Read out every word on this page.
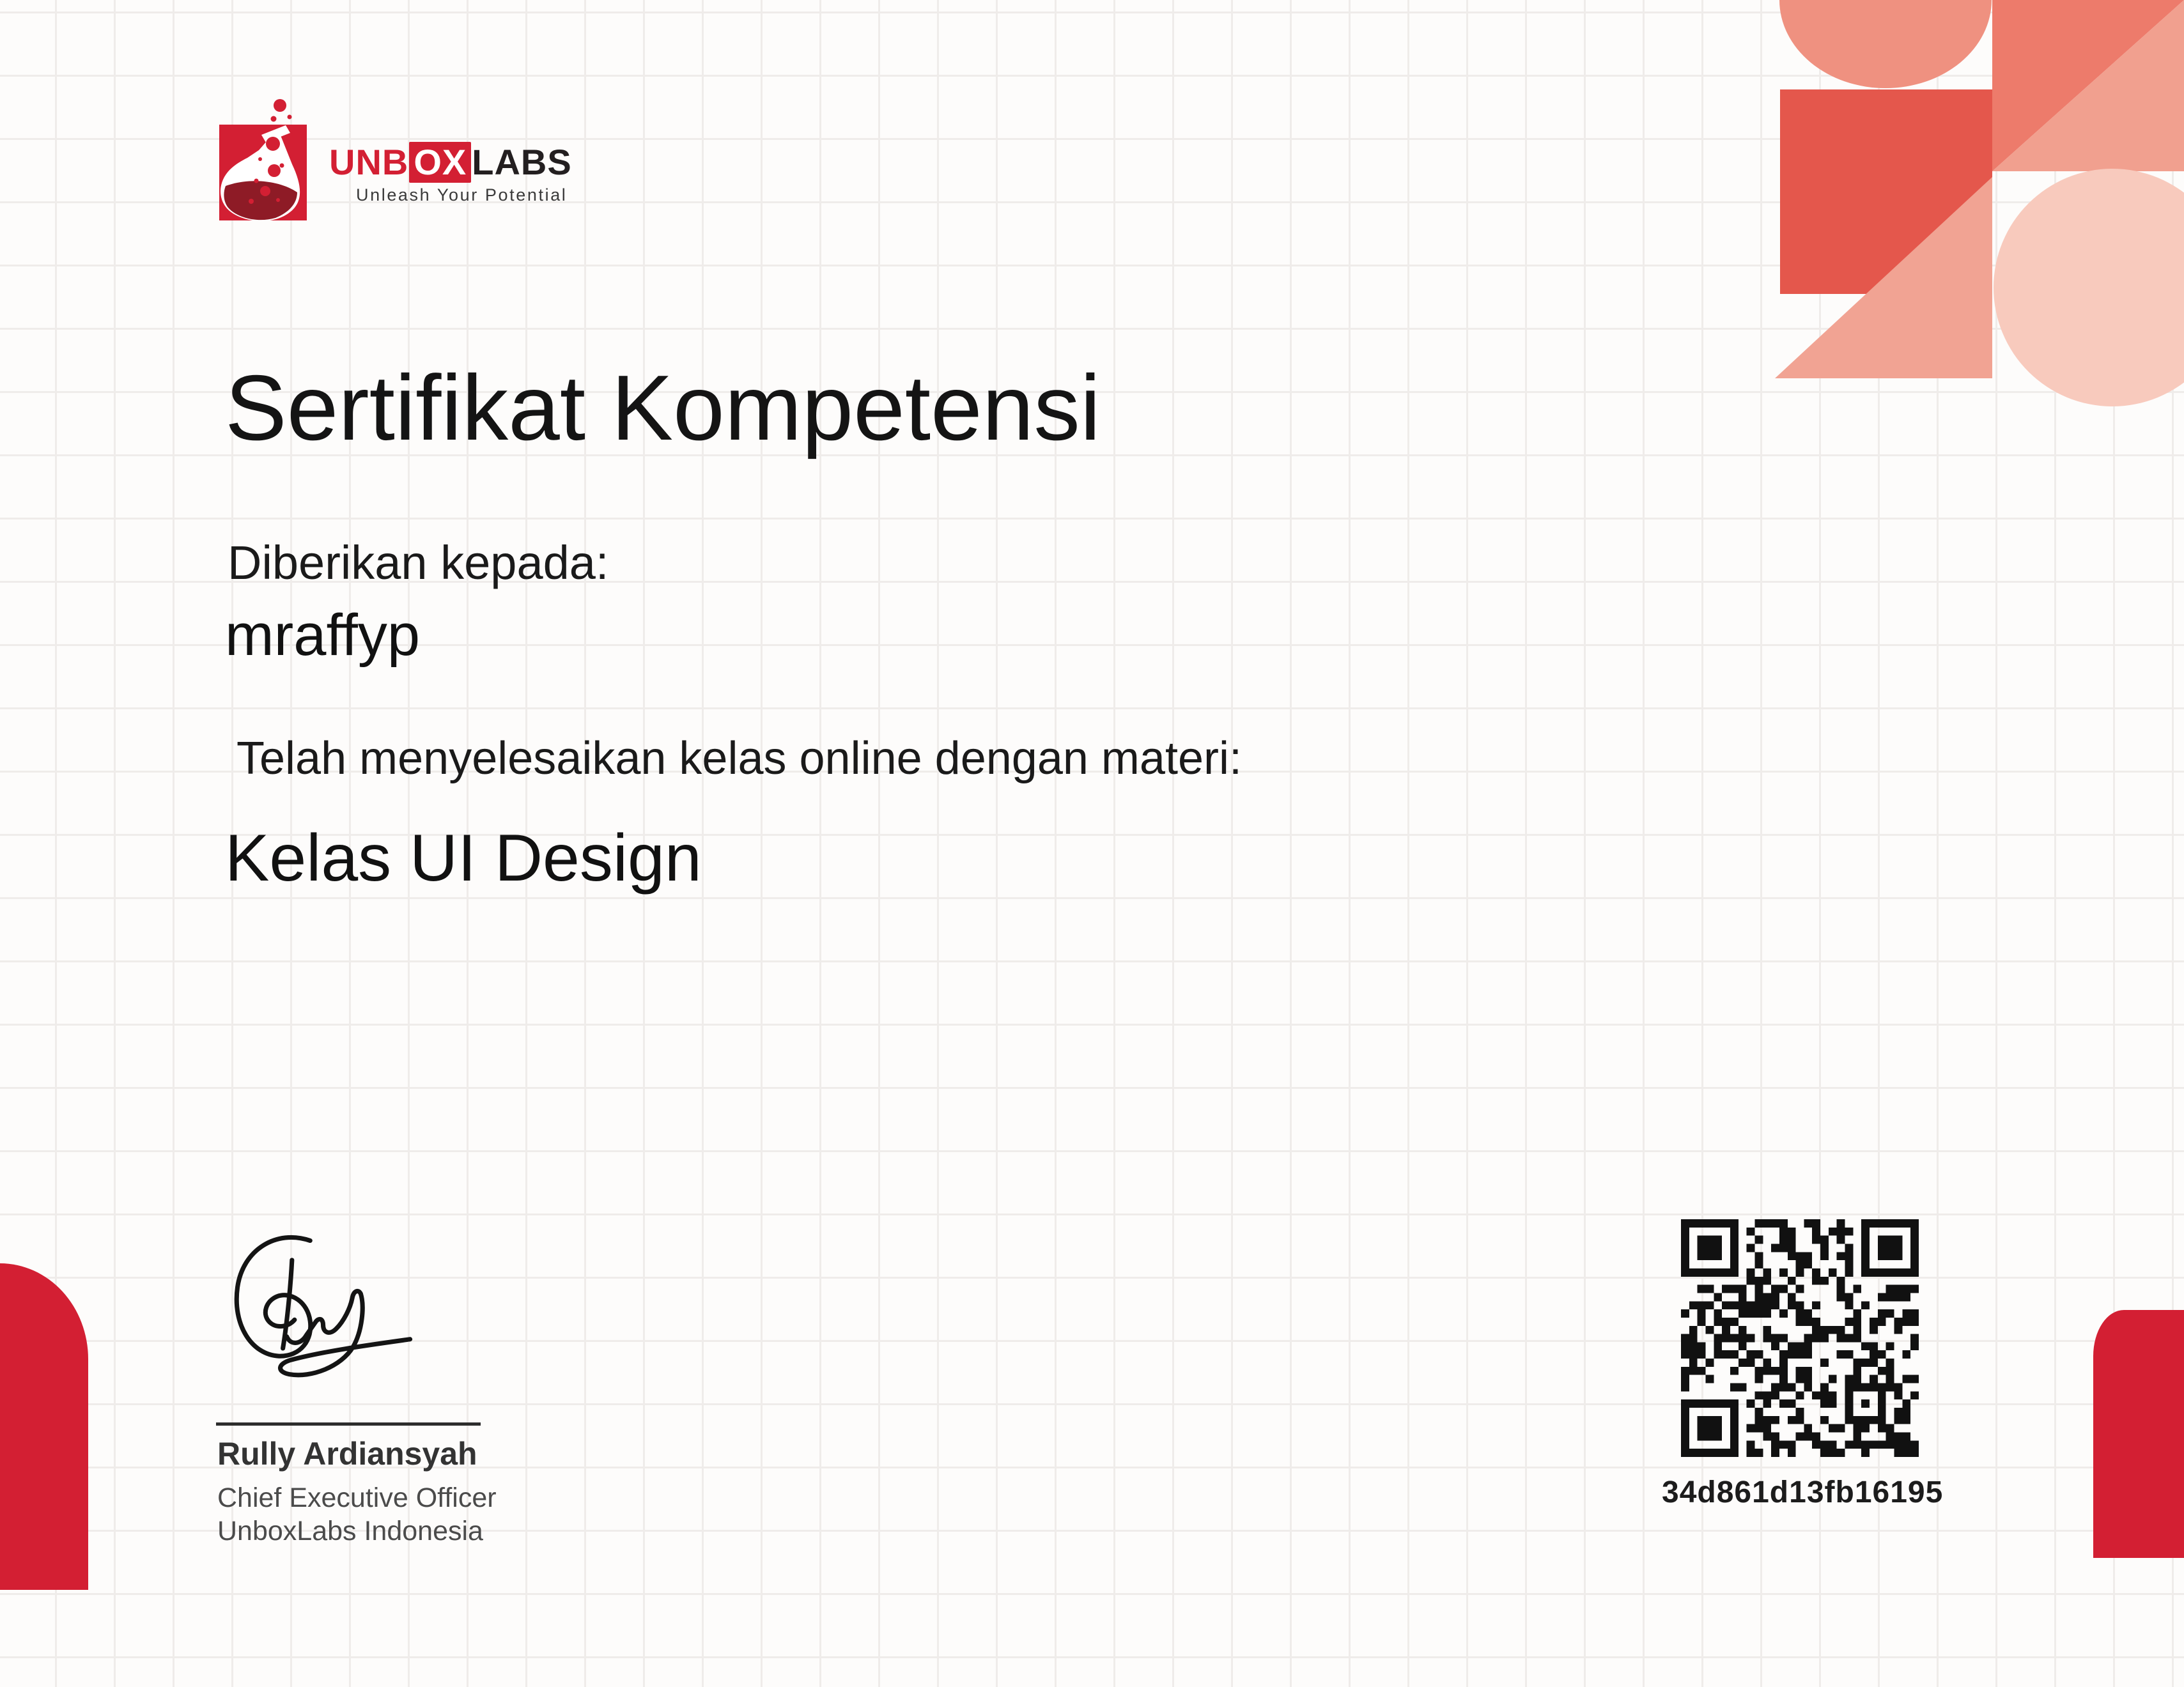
UNB OX LABS
Unleash Your Potential
Sertifikat Kompetensi
Diberikan kepada:
mraffyp
Telah menyelesaikan kelas online dengan materi:
Kelas UI Design
Rully Ardiansyah
Chief Executive Officer
UnboxLabs Indonesia
34d861d13fb16195
